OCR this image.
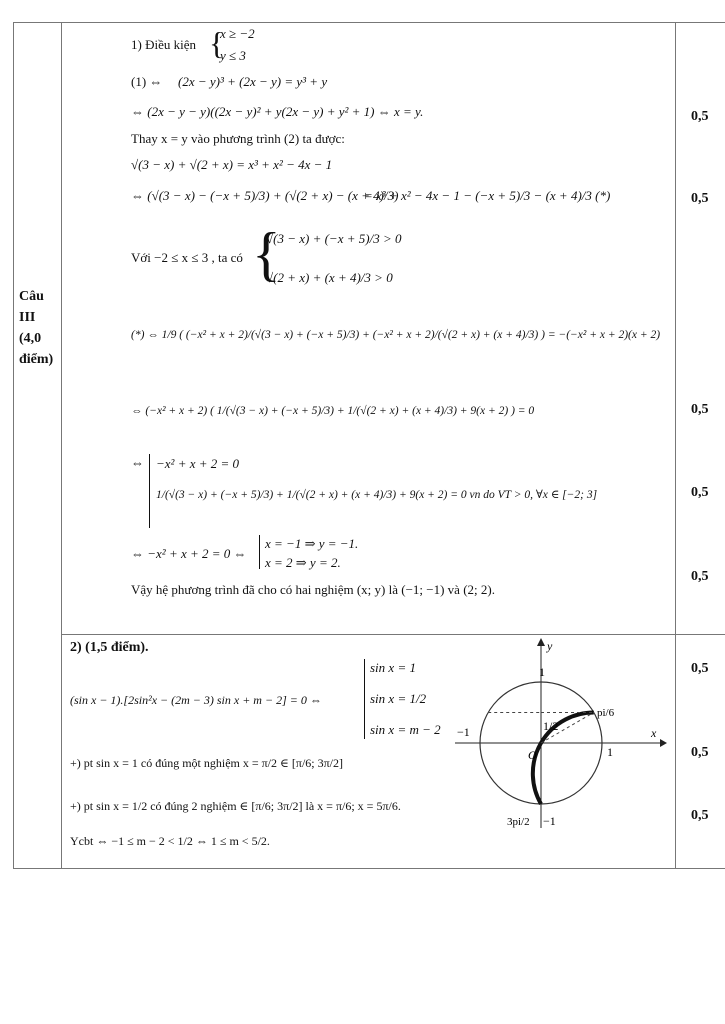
Câu
III
(4,0
điểm)
1) Điều kiện {
x ≥ −2
y ≤ 3
(1) ⇔ (2x − y)³ + (2x − y) = y³ + y
⇔ (2x − y − y)((2x − y)² + y(2x − y) + y² + 1) ⇔ x = y.
Thay x = y vào phương trình (2) ta được:
√(3 − x) + √(2 + x) = x³ + x² − 4x − 1
⇔ (√(3 − x) − (−x + 5)/3) + (√(2 + x) − (x + 4)/3)
= x³ + x² − 4x − 1 − (−x + 5)/3 − (x + 4)/3 (*)
Với −2 ≤ x ≤ 3 , ta có {
√(3 − x) + (−x + 5)/3 > 0
√(2 + x) + (x + 4)/3 > 0
(*) ⇔ 1/9 ( (−x² + x + 2)/(√(3 − x) + (−x + 5)/3) + (−x² + x + 2)/(√(2 + x) + (x + 4)/3) ) = −(−x² + x + 2)(x + 2)
⇔ (−x² + x + 2) ( 1/(√(3 − x) + (−x + 5)/3) + 1/(√(2 + x) + (x + 4)/3) + 9(x + 2) ) = 0
⇔ −x² + x + 2 = 0
1/(√(3 − x) + (−x + 5)/3) + 1/(√(2 + x) + (x + 4)/3) + 9(x + 2) = 0 vn do VT > 0, ∀x ∈ [−2; 3]
⇔ −x² + x + 2 = 0 ⇔
x = −1 ⇒ y = −1.
x = 2 ⇒ y = 2.
Vậy hệ phương trình đã cho có hai nghiệm (x; y) là (−1; −1) và (2; 2).
0,5
0,5
0,5
0,5
0,5
2) (1,5 điểm).
(sin x − 1).[2sin²x − (2m − 3) sin x + m − 2] = 0 ⇔
sin x = 1
sin x = 1/2
sin x = m − 2
+) pt sin x = 1 có đúng một nghiệm x = π/2 ∈ [π/6; 3π/2]
+) pt sin x = 1/2 có đúng 2 nghiệm ∈ [π/6; 3π/2] là x = π/6; x = 5π/6.
Ycbt ⇔ −1 ≤ m − 2 < 1/2 ⇔ 1 ≤ m < 5/2.
0,5
0,5
0,5
y
x
O
1
−1
1
1/2
pi/6
3pi/2 −1
